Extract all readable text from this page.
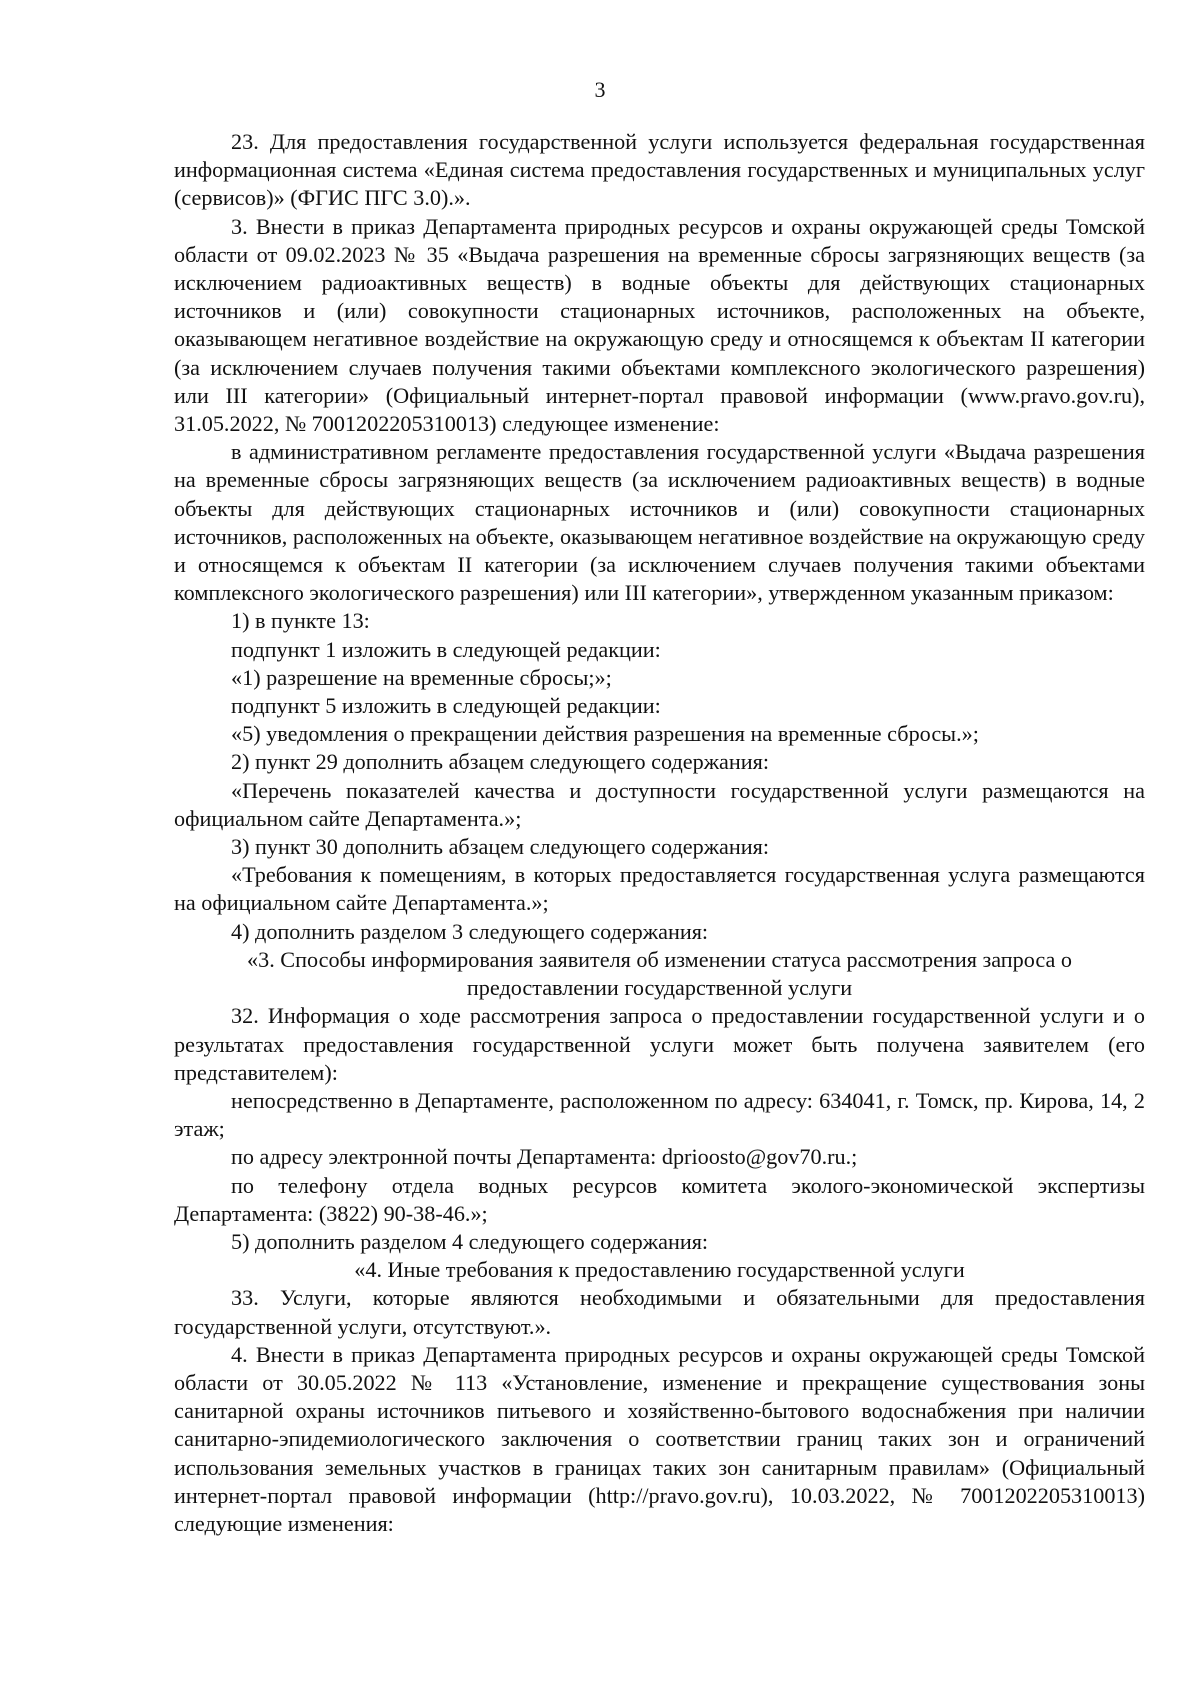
3

23. Для предоставления государственной услуги используется федеральная государственная информационная система «Единая система предоставления государственных и муниципальных услуг (сервисов)» (ФГИС ПГС 3.0).».

3. Внести в приказ Департамента природных ресурсов и охраны окружающей среды Томской области от 09.02.2023 № 35 «Выдача разрешения на временные сбросы загрязняющих веществ (за исключением радиоактивных веществ) в водные объекты для действующих стационарных источников и (или) совокупности стационарных источников, расположенных на объекте, оказывающем негативное воздействие на окружающую среду и относящемся к объектам II категории (за исключением случаев получения такими объектами комплексного экологического разрешения) или III категории» (Официальный интернет-портал правовой информации (www.pravo.gov.ru), 31.05.2022, № 7001202205310013) следующее изменение:

в административном регламенте предоставления государственной услуги «Выдача разрешения на временные сбросы загрязняющих веществ (за исключением радиоактивных веществ) в водные объекты для действующих стационарных источников и (или) совокупности стационарных источников, расположенных на объекте, оказывающем негативное воздействие на окружающую среду и относящемся к объектам II категории (за исключением случаев получения такими объектами комплексного экологического разрешения) или III категории», утвержденном указанным приказом:

1) в пункте 13:

подпункт 1 изложить в следующей редакции:

«1) разрешение на временные сбросы;»;

подпункт 5 изложить в следующей редакции:

«5) уведомления о прекращении действия разрешения на временные сбросы.»;

2) пункт 29 дополнить абзацем следующего содержания:

«Перечень показателей качества и доступности государственной услуги размещаются на официальном сайте Департамента.»;

3) пункт 30 дополнить абзацем следующего содержания:

«Требования к помещениям, в которых предоставляется государственная услуга размещаются на официальном сайте Департамента.»;

4) дополнить разделом 3 следующего содержания:

«3. Способы информирования заявителя об изменении статуса рассмотрения запроса о предоставлении государственной услуги

32. Информация о ходе рассмотрения запроса о предоставлении государственной услуги и о результатах предоставления государственной услуги может быть получена заявителем (его представителем):

непосредственно в Департаменте, расположенном по адресу: 634041, г. Томск, пр. Кирова, 14, 2 этаж;

по адресу электронной почты Департамента: dprioosto@gov70.ru.;

по телефону отдела водных ресурсов комитета эколого-экономической экспертизы Департамента: (3822) 90-38-46.»;

5) дополнить разделом 4 следующего содержания:

«4. Иные требования к предоставлению государственной услуги

33. Услуги, которые являются необходимыми и обязательными для предоставления государственной услуги, отсутствуют.».

4. Внести в приказ Департамента природных ресурсов и охраны окружающей среды Томской области от 30.05.2022 № 113 «Установление, изменение и прекращение существования зоны санитарной охраны источников питьевого и хозяйственно-бытового водоснабжения при наличии санитарно-эпидемиологического заключения о соответствии границ таких зон и ограничений использования земельных участков в границах таких зон санитарным правилам» (Официальный интернет-портал правовой информации (http://pravo.gov.ru), 10.03.2022, № 7001202205310013) следующие изменения:
